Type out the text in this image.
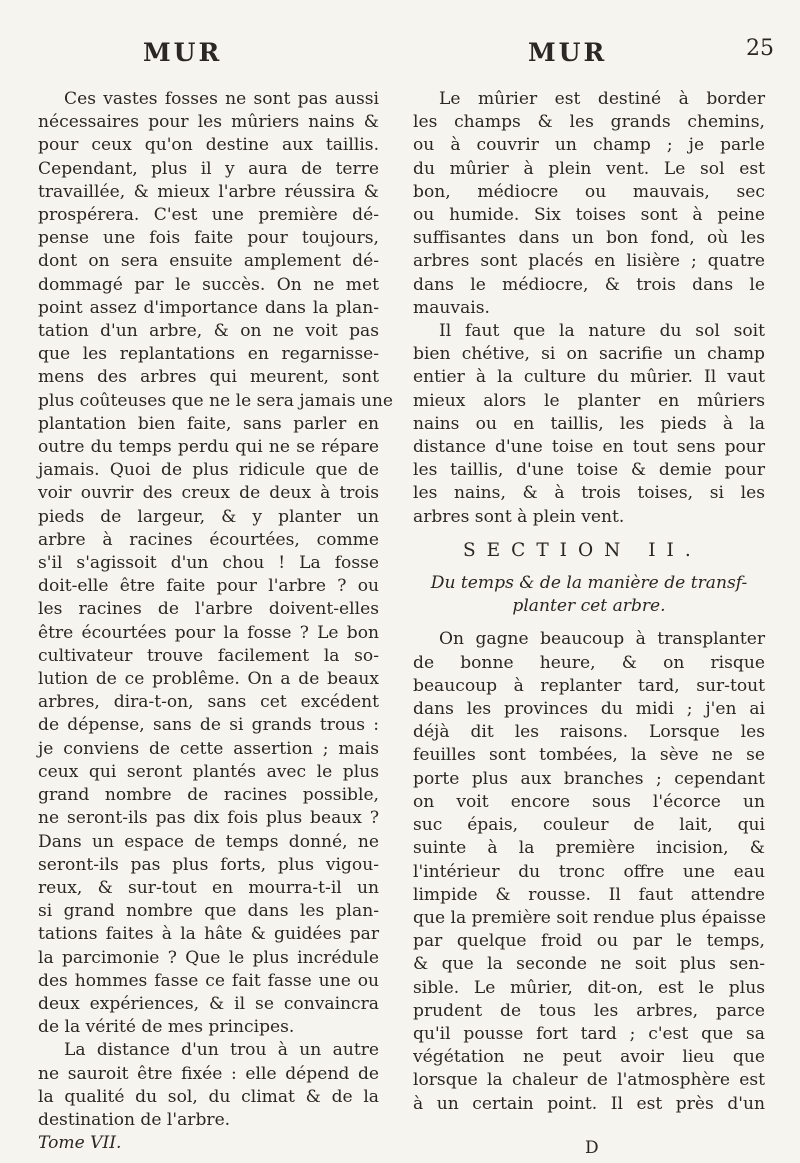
MUR	MUR	25
Ces vastes fosses ne sont pas aussi
nécessaires pour les mûriers nains &
pour ceux qu'on destine aux taillis.
Cependant, plus il y aura de terre
travaillée, & mieux l'arbre réussira &
prospérera. C'est une première dé-
pense une fois faite pour toujours,
dont on sera ensuite amplement dé-
dommagé par le succès. On ne met
point assez d'importance dans la plan-
tation d'un arbre, & on ne voit pas
que les replantations en regarnisse-
mens des arbres qui meurent, sont
plus coûteuses que ne le sera jamais une
plantation bien faite, sans parler en
outre du temps perdu qui ne se répare
jamais. Quoi de plus ridicule que de
voir ouvrir des creux de deux à trois
pieds de largeur, & y planter un
arbre à racines écourtées, comme
s'il s'agissoit d'un chou ! La fosse
doit-elle être faite pour l'arbre ? ou
les racines de l'arbre doivent-elles
être écourtées pour la fosse ? Le bon
cultivateur trouve facilement la so-
lution de ce problême. On a de beaux
arbres, dira-t-on, sans cet excédent
de dépense, sans de si grands trous :
je conviens de cette assertion ; mais
ceux qui seront plantés avec le plus
grand nombre de racines possible,
ne seront-ils pas dix fois plus beaux ?
Dans un espace de temps donné, ne
seront-ils pas plus forts, plus vigou-
reux, & sur-tout en mourra-t-il un
si grand nombre que dans les plan-
tations faites à la hâte & guidées par
la parcimonie ? Que le plus incrédule
des hommes fasse ce fait fasse une ou
deux expériences, & il se convaincra
de la vérité de mes principes.
La distance d'un trou à un autre
ne sauroit être fixée : elle dépend de
la qualité du sol, du climat & de la
destination de l'arbre.
Tome VII.
Le mûrier est destiné à border
les champs & les grands chemins,
ou à couvrir un champ ; je parle
du mûrier à plein vent. Le sol est
bon, médiocre ou mauvais, sec
ou humide. Six toises sont à peine
suffisantes dans un bon fond, où les
arbres sont placés en lisière ; quatre
dans le médiocre, & trois dans le
mauvais.
Il faut que la nature du sol soit
bien chétive, si on sacrifie un champ
entier à la culture du mûrier. Il vaut
mieux alors le planter en mûriers
nains ou en taillis, les pieds à la
distance d'une toise en tout sens pour
les taillis, d'une toise & demie pour
les nains, & à trois toises, si les
arbres sont à plein vent.
SECTION II.
Du temps & de la manière de transf-
planter cet arbre.
On gagne beaucoup à transplanter
de bonne heure, & on risque
beaucoup à replanter tard, sur-tout
dans les provinces du midi ; j'en ai
déjà dit les raisons. Lorsque les
feuilles sont tombées, la sève ne se
porte plus aux branches ; cependant
on voit encore sous l'écorce un
suc épais, couleur de lait, qui
suinte à la première incision, &
l'intérieur du tronc offre une eau
limpide & rousse. Il faut attendre
que la première soit rendue plus épaisse
par quelque froid ou par le temps,
& que la seconde ne soit plus sen-
sible. Le mûrier, dit-on, est le plus
prudent de tous les arbres, parce
qu'il pousse fort tard ; c'est que sa
végétation ne peut avoir lieu que
lorsque la chaleur de l'atmosphère est
à un certain point. Il est près d'un
D
